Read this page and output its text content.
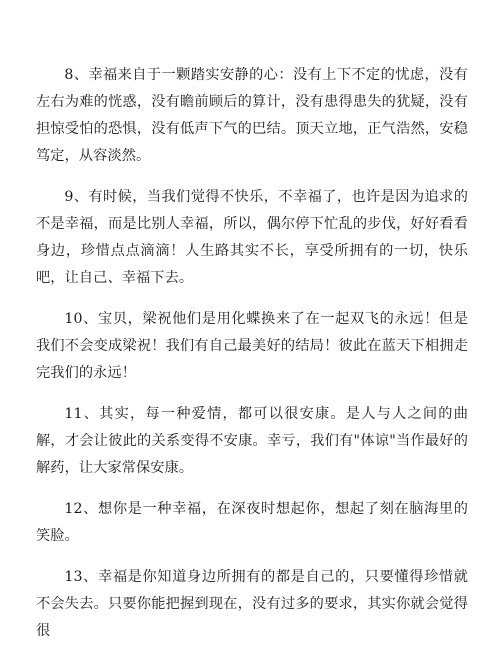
8、幸福来自于一颗踏实安静的心：没有上下不定的忧虑，没有左右为难的恍惑，没有瞻前顾后的算计，没有患得患失的犹疑，没有担惊受怕的恐惧，没有低声下气的巴结。顶天立地，正气浩然，安稳笃定，从容淡然。

9、有时候，当我们觉得不快乐，不幸福了，也许是因为追求的不是幸福，而是比别人幸福，所以，偶尔停下忙乱的步伐，好好看看身边，珍惜点点滴滴！人生路其实不长，享受所拥有的一切，快乐吧，让自己、幸福下去。

10、宝贝，梁祝他们是用化蝶换来了在一起双飞的永远！但是我们不会变成梁祝！我们有自己最美好的结局！彼此在蓝天下相拥走完我们的永远！

11、其实，每一种爱情，都可以很安康。是人与人之间的曲解，才会让彼此的关系变得不安康。幸亏，我们有"体谅"当作最好的解药，让大家常保安康。

12、想你是一种幸福，在深夜时想起你，想起了刻在脑海里的笑脸。

13、幸福是你知道身边所拥有的都是自己的，只要懂得珍惜就不会失去。只要你能把握到现在，没有过多的要求，其实你就会觉得很
